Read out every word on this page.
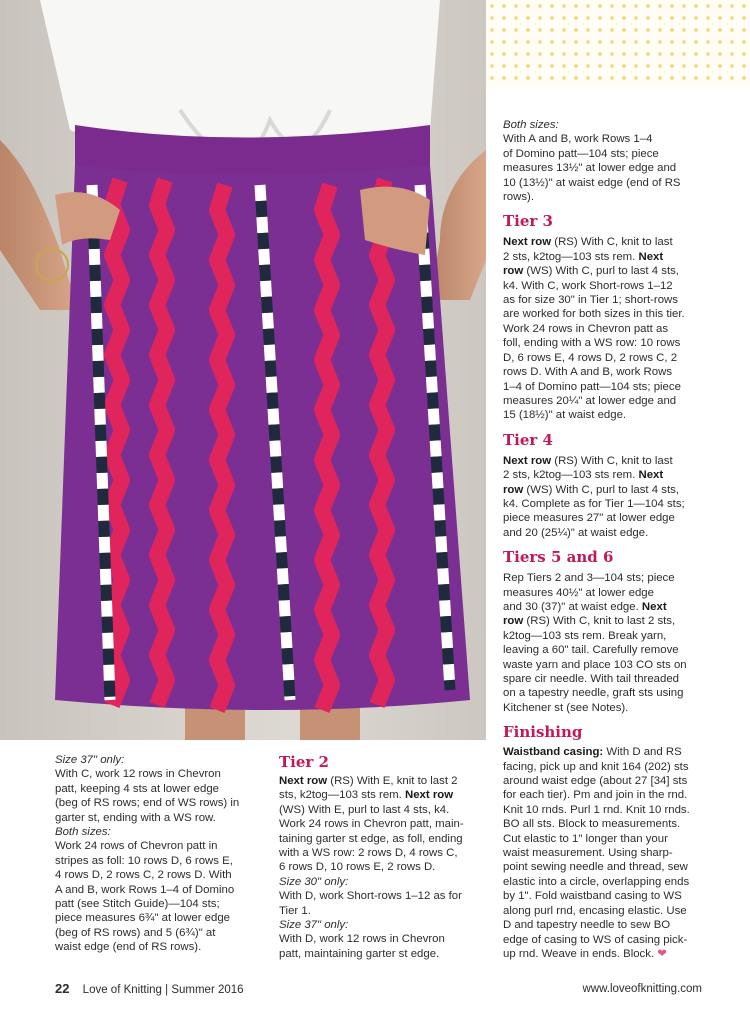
Both sizes:

With A and B, work Rows 1–4

of Domino patt—104 sts; piece

measures 13½" at lower edge and

10 (13½)" at waist edge (end of RS

rows).

Tier 3

Next row (RS) With C, knit to last

2 sts, k2tog—103 sts rem. Next

row (WS) With C, purl to last 4 sts,

k4. With C, work Short-rows 1–12

as for size 30" in Tier 1; short-rows

are worked for both sizes in this tier.

Work 24 rows in Chevron patt as

foll, ending with a WS row: 10 rows

D, 6 rows E, 4 rows D, 2 rows C, 2

rows D. With A and B, work Rows

1–4 of Domino patt—104 sts; piece

measures 20¼" at lower edge and

15 (18½)" at waist edge.

Tier 4

Next row (RS) With C, knit to last

2 sts, k2tog—103 sts rem. Next

row (WS) With C, purl to last 4 sts,

k4. Complete as for Tier 1—104 sts;

piece measures 27" at lower edge

and 20 (25¼)" at waist edge.

Tiers 5 and 6

Rep Tiers 2 and 3—104 sts; piece

measures 40½" at lower edge

and 30 (37)" at waist edge. Next

row (RS) With C, knit to last 2 sts,

k2tog—103 sts rem. Break yarn,

leaving a 60" tail. Carefully remove

waste yarn and place 103 CO sts on

spare cir needle. With tail threaded

on a tapestry needle, graft sts using

Kitchener st (see Notes).

Finishing

Waistband casing: With D and RS

facing, pick up and knit 164 (202) sts

around waist edge (about 27 [34] sts

for each tier). Pm and join in the rnd.

Knit 10 rnds. Purl 1 rnd. Knit 10 rnds.

BO all sts. Block to measurements.

Cut elastic to 1" longer than your

waist measurement. Using sharp-

point sewing needle and thread, sew

elastic into a circle, overlapping ends

by 1". Fold waistband casing to WS

along purl rnd, encasing elastic. Use

D and tapestry needle to sew BO

edge of casing to WS of casing pick-

up rnd. Weave in ends. Block. ❤

Size 37" only:

With C, work 12 rows in Chevron

patt, keeping 4 sts at lower edge

(beg of RS rows; end of WS rows) in

garter st, ending with a WS row.

Both sizes:

Work 24 rows of Chevron patt in

stripes as foll: 10 rows D, 6 rows E,

4 rows D, 2 rows C, 2 rows D. With

A and B, work Rows 1–4 of Domino

patt (see Stitch Guide)—104 sts;

piece measures 6¾" at lower edge

(beg of RS rows) and 5 (6¾)" at

waist edge (end of RS rows).

Tier 2

Next row (RS) With E, knit to last 2

sts, k2tog—103 sts rem. Next row

(WS) With E, purl to last 4 sts, k4.

Work 24 rows in Chevron patt, main-

taining garter st edge, as foll, ending

with a WS row: 2 rows D, 4 rows C,

6 rows D, 10 rows E, 2 rows D.

Size 30" only:

With D, work Short-rows 1–12 as for

Tier 1.

Size 37" only:

With D, work 12 rows in Chevron

patt, maintaining garter st edge.

22 Love of Knitting | Summer 2016	www.loveofknitting.com
